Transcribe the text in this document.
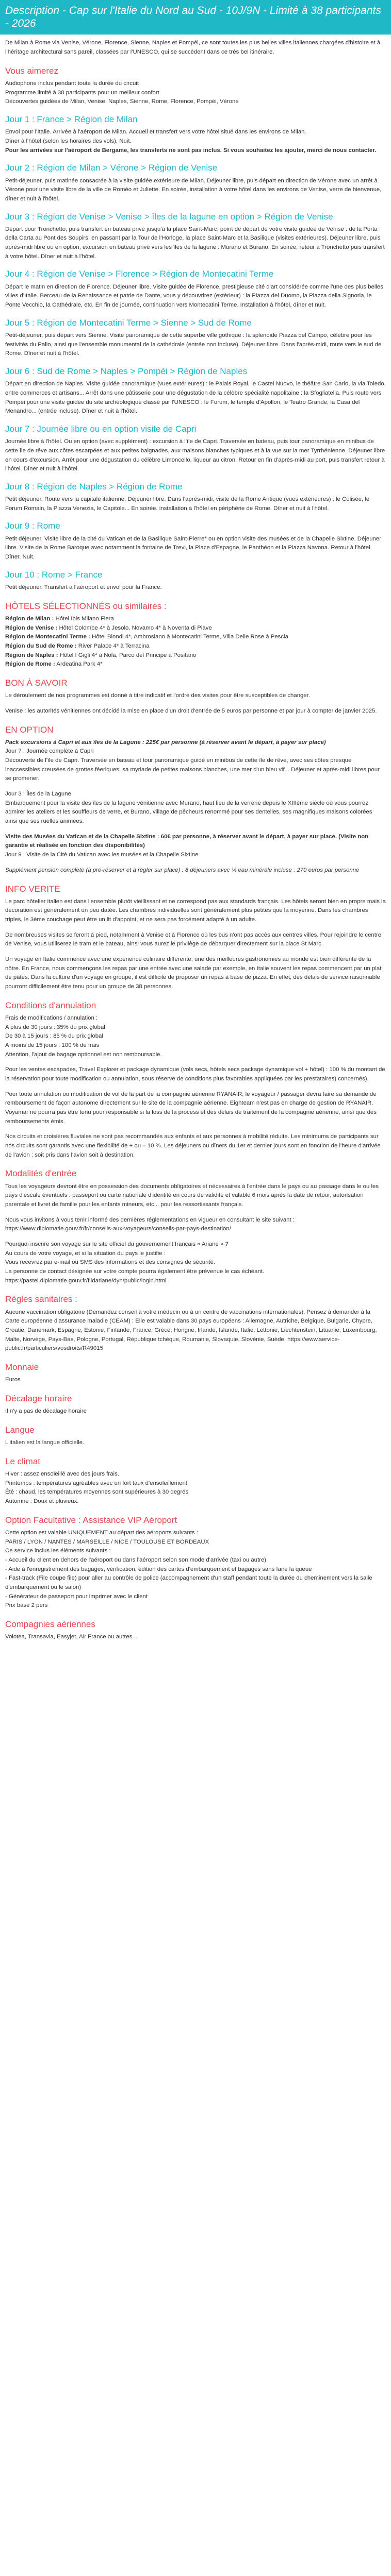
Description - Cap sur l'Italie du Nord au Sud - 10J/9N - Limité à 38 participants - 2026

De Milan à Rome via Venise, Vérone, Florence, Sienne, Naples et Pompéi, ce sont toutes les plus belles villes italiennes chargées d'histoire et à l'héritage architectural sans pareil, classées par l'UNESCO, qui se succèdent dans ce très bel itinéraire.

Vous aimerez

Audiophone inclus pendant toute la durée du circuit
Programme limité à 38 participants pour un meilleur confort
Découvertes guidées de Milan, Venise, Naples, Sienne, Rome, Florence, Pompéi, Vérone

Jour 1 : France > Région de Milan

Envol pour l'Italie. Arrivée à l'aéroport de Milan. Accueil et transfert vers votre hôtel situé dans les environs de Milan.
Dîner à l'hôtel (selon les horaires des vols). Nuit.
Pour les arrivées sur l'aéroport de Bergame, les transferts ne sont pas inclus. Si vous souhaitez les ajouter, merci de nous contacter.

Jour 2 : Région de Milan > Vérone > Région de Venise

Petit-déjeuner, puis matinée consacrée à la visite guidée extérieure de Milan. Déjeuner libre, puis départ en direction de Vérone avec un arrêt à Vérone pour une visite libre de la ville de Roméo et Juliette. En soirée, installation à votre hôtel dans les environs de Venise, verre de bienvenue, dîner et nuit à l'hôtel.

Jour 3 : Région de Venise > Venise > îles de la lagune en option > Région de Venise

Départ pour Tronchetto, puis transfert en bateau privé jusqu'à la place Saint-Marc, point de départ de votre visite guidée de Venise : de la Porta della Carta au Pont des Soupirs, en passant par la Tour de l'Horloge, la place Saint-Marc et la Basilique (visites extérieures). Déjeuner libre, puis après-midi libre ou en option, excursion en bateau privé vers les îles de la lagune : Murano et Burano. En soirée, retour à Tronchetto puis transfert à votre hôtel. Dîner et nuit à l'hôtel.

Jour 4 : Région de Venise > Florence > Région de Montecatini Terme

Départ le matin en direction de Florence. Déjeuner libre. Visite guidée de Florence, prestigieuse cité d'art considérée comme l'une des plus belles villes d'Italie. Berceau de la Renaissance et patrie de Dante, vous y découvrirez (extérieur) : la Piazza del Duomo, la Piazza della Signoria, le Ponte Vecchio, la Cathédrale, etc. En fin de journée, continuation vers Montecatini Terme. Installation à l'hôtel, dîner et nuit.

Jour 5 : Région de Montecatini Terme > Sienne > Sud de Rome

Petit-déjeuner, puis départ vers Sienne. Visite panoramique de cette superbe ville gothique : la splendide Piazza del Campo, célèbre pour les festivités du Palio, ainsi que l'ensemble monumental de la cathédrale (entrée non incluse). Déjeuner libre. Dans l'après-midi, route vers le sud de Rome. Dîner et nuit à l'hôtel.

Jour 6 : Sud de Rome > Naples > Pompéi > Région de Naples

Départ en direction de Naples. Visite guidée panoramique (vues extérieures) : le Palais Royal, le Castel Nuovo, le théâtre San Carlo, la via Toledo, entre commerces et artisans... Arrêt dans une pâtisserie pour une dégustation de la célèbre spécialité napolitaine : la Sfogliatella. Puis route vers Pompéi pour une visite guidée du site archéologique classé par l'UNESCO : le Forum, le temple d'Apollon, le Teatro Grande, la Casa del Menandro... (entrée incluse). Dîner et nuit à l'hôtel.

Jour 7 : Journée libre ou en option visite de Capri

Journée libre à l'hôtel. Ou en option (avec supplément) : excursion à l'île de Capri. Traversée en bateau, puis tour panoramique en minibus de cette île de rêve aux côtes escarpées et aux petites baignades, aux maisons blanches typiques et à la vue sur la mer Tyrrhénienne. Déjeuner libre en cours d'excursion. Arrêt pour une dégustation du célèbre Limoncello, liqueur au citron. Retour en fin d'après-midi au port, puis transfert retour à l'hôtel. Dîner et nuit à l'hôtel.

Jour 8 : Région de Naples > Région de Rome

Petit déjeuner. Route vers la capitale italienne. Déjeuner libre. Dans l'après-midi, visite de la Rome Antique (vues extérieures) : le Colisée, le Forum Romain, la Piazza Venezia, le Capitole... En soirée, installation à l'hôtel en périphérie de Rome. Dîner et nuit à l'hôtel.

Jour 9 : Rome

Petit déjeuner. Visite libre de la cité du Vatican et de la Basilique Saint-Pierre* ou en option visite des musées et de la Chapelle Sixtine. Déjeuner libre. Visite de la Rome Baroque avec notamment la fontaine de Trevi, la Place d'Espagne, le Panthéon et la Piazza Navona. Retour à l'hôtel. Dîner. Nuit.

Jour 10 : Rome > France

Petit déjeuner. Transfert à l'aéroport et envol pour la France.

HÔTELS SÉLECTIONNÉS ou similaires :

Région de Milan : Hôtel Ibis Milano Fiera
Région de Venise : Hôtel Colombe 4* à Jesolo, Novamo 4* à Noventa di Piave
Région de Montecatini Terme : Hôtel Biondi 4*, Ambrosiano à Montecatini Terme, Villa Delle Rose à Pescia
Région du Sud de Rome : River Palace 4* à Terracina
Région de Naples : Hôtel I Gigli 4* à Nola, Parco del Principe à Positano
Région de Rome : Ardeatina Park 4*

BON À SAVOIR

Le déroulement de nos programmes est donné à titre indicatif et l'ordre des visites pour être susceptibles de changer.

Venise : les autorités vénitiennes ont décidé la mise en place d'un droit d'entrée de 5 euros par personne et par jour à compter de janvier 2025.

EN OPTION

Pack excursions à Capri et aux îles de la Lagune : 225€ par personne (à réserver avant le départ, à payer sur place)
Jour 7 : Journée complète à Capri
Découverte de l'île de Capri. Traversée en bateau et tour panoramique guidé en minibus de cette île de rêve, avec ses côtes presque inaccessibles creusées de grottes féeriques, sa myriade de petites maisons blanches, une mer d'un bleu vif... Déjeuner et après-midi libres pour se promener.

Jour 3 : Îles de la Lagune
Embarquement pour la visite des îles de la lagune vénitienne avec Murano, haut lieu de la verrerie depuis le XIIIème siècle où vous pourrez admirer les ateliers et les souffleurs de verre, et Burano, village de pêcheurs renommé pour ses dentelles, ses magnifiques maisons colorées ainsi que ses ruelles animées.

Visite des Musées du Vatican et de la Chapelle Sixtine : 60€ par personne, à réserver avant le départ, à payer sur place. (Visite non garantie et réalisée en fonction des disponibilités)
Jour 9 : Visite de la Cité du Vatican avec les musées et la Chapelle Sixtine

Supplément pension complète (à pré-réserver et à régler sur place) : 8 déjeuners avec ¼ eau minérale incluse : 270 euros par personne

INFO VERITE

Le parc hôtelier italien est dans l'ensemble plutôt vieillissant et ne correspond pas aux standards français. Les hôtels seront bien en propre mais la décoration est généralement un peu datée. Les chambres individuelles sont généralement plus petites que la moyenne. Dans les chambres triples, le 3ème couchage peut être un lit d'appoint, et ne sera pas forcément adapté à un adulte.

De nombreuses visites se feront à pied, notamment à Venise et à Florence où les bus n'ont pas accès aux centres villes. Pour rejoindre le centre de Venise, vous utiliserez le tram et le bateau, ainsi vous aurez le privilège de débarquer directement sur la place St Marc.

Un voyage en Italie commence avec une expérience culinaire différente, une des meilleures gastronomies au monde est bien différente de la nôtre. En France, nous commençons les repas par une entrée avec une salade par exemple, en Italie souvent les repas commencent par un plat de pâtes. Dans la culture d'un voyage en groupe, il est difficile de proposer un repas à base de pizza. En effet, des délais de service raisonnable pourront difficilement être tenu pour un groupe de 38 personnes.

Conditions d'annulation

Frais de modifications / annulation :
A plus de 30 jours : 35% du prix global
De 30 à 15 jours : 85 % du prix global
A moins de 15 jours : 100 % de frais
Attention, l'ajout de bagage optionnel est non remboursable.

Pour les ventes escapades, Travel Explorer et package dynamique (vols secs, hôtels secs package dynamique vol + hôtel) : 100 % du montant de la réservation pour toute modification ou annulation, sous réserve de conditions plus favorables appliquées par les prestataires) concernés).

Pour toute annulation ou modification de vol de la part de la compagnie aérienne RYANAIR, le voyageur / passager devra faire sa demande de remboursement de façon autonome directement sur le site de la compagnie aérienne. Eighteam n'est pas en charge de gestion de RYANAIR. Voyamar ne pourra pas être tenu pour responsable si la loss de la process et des délais de traitement de la compagnie aérienne, ainsi que des remboursements émis.

Nos circuits et croisières fluviales ne sont pas recommandés aux enfants et aux personnes à mobilité réduite. Les minimums de participants sur nos circuits sont garantis avec une flexibilité de + ou – 10 %. Les déjeuners ou dîners du 1er et dernier jours sont en fonction de l'heure d'arrivée de l'avion : soit pris dans l'avion soit à destination.

Modalités d'entrée

Tous les voyageurs devront être en possession des documents obligatoires et nécessaires à l'entrée dans le pays ou au passage dans le ou les pays d'escale éventuels : passeport ou carte nationale d'identité en cours de validité et valable 6 mois après la date de retour, autorisation parentale et livret de famille pour les enfants mineurs, etc... pour les ressortissants français.

Nous vous invitons à vous tenir informé des dernières réglementations en vigueur en consultant le site suivant : https://www.diplomatie.gouv.fr/fr/conseils-aux-voyageurs/conseils-par-pays-destination/

Pourquoi inscrire son voyage sur le site officiel du gouvernement français « Ariane » ?
Au cours de votre voyage, et si la situation du pays le justifie :
Vous recevrez par e-mail ou SMS des informations et des consignes de sécurité.
La personne de contact désignée sur votre compte pourra également être prévenue le cas échéant.
https://pastel.diplomatie.gouv.fr/fildariane/dyn/public/login.html

Règles sanitaires :

Aucune vaccination obligatoire (Demandez conseil à votre médecin ou à un centre de vaccinations internationales). Pensez à demander à la Carte européenne d'assurance maladie (CEAM) : Elle est valable dans 30 pays européens : Allemagne, Autriche, Belgique, Bulgarie, Chypre, Croatie, Danemark, Espagne, Estonie, Finlande, France, Grèce, Hongrie, Irlande, Islande, Italie, Lettonie, Liechtenstein, Lituanie, Luxembourg, Malte, Norvège, Pays-Bas, Pologne, Portugal, République tchèque, Roumanie, Slovaquie, Slovénie, Suède. https://www.service-public.fr/particuliers/vosdroits/R49015

Monnaie

Euros

Décalage horaire

Il n'y a pas de décalage horaire

Langue

L'italien est la langue officielle.

Le climat

Hiver : assez ensoleillé avec des jours frais.
Printemps : températures agréables avec un fort taux d'ensoleillement.
Été : chaud, les températures moyennes sont supérieures à 30 degrés
Automne : Doux et pluvieux.

Option Facultative : Assistance VIP Aéroport

Cette option est valable UNIQUEMENT au départ des aéroports suivants :
PARIS / LYON / NANTES / MARSEILLE / NICE / TOULOUSE ET BORDEAUX
Ce service inclus les éléments suivants :
- Accueil du client en dehors de l'aéroport ou dans l'aéroport selon son mode d'arrivée (taxi ou autre)
- Aide à l'enregistrement des bagages, vérification, édition des cartes d'embarquement et bagages sans faire la queue
- Fast-track (File coupe file) pour aller au contrôle de police (accompagnement d'un staff pendant toute la durée du cheminement vers la salle d'embarquement ou le salon)
- Générateur de passeport pour imprimer avec le client
Prix base 2 pers

Compagnies aériennes

Volotea, Transavia, Easyjet, Air France ou autres...
